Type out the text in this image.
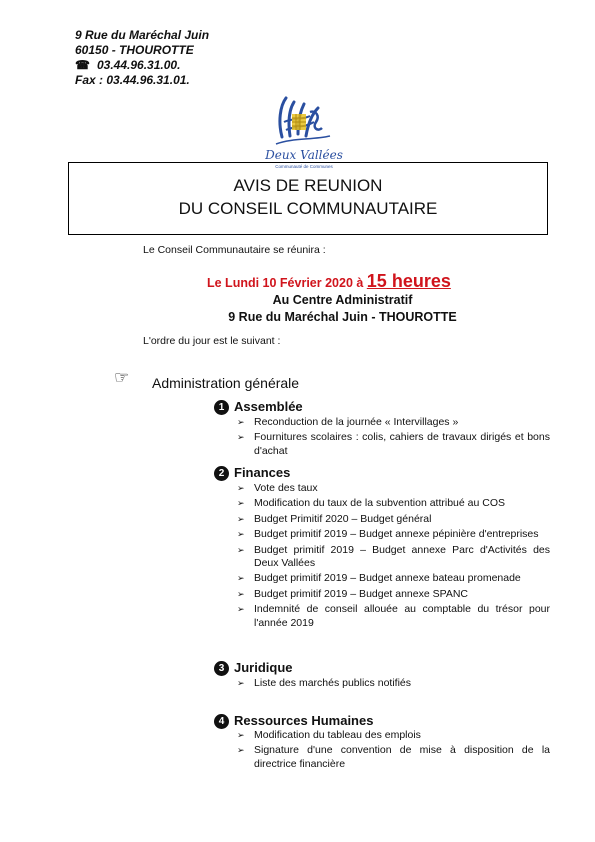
9 Rue du Maréchal Juin
60150 - THOUROTTE
☎ 03.44.96.31.00.
Fax : 03.44.96.31.01.
Deux Vallées
Communauté de Communes
AVIS DE REUNION
DU CONSEIL COMMUNAUTAIRE
Le Conseil Communautaire se réunira :
Le Lundi 10 Février 2020 à 15 heures
Au Centre Administratif
9 Rue du Maréchal Juin - THOUROTTE
L'ordre du jour est le suivant :
☞ Administration générale
1 Assemblée
➢ Reconduction de la journée « Intervillages »
➢ Fournitures scolaires : colis, cahiers de travaux dirigés et bons d'achat
2 Finances
➢ Vote des taux
➢ Modification du taux de la subvention attribué au COS
➢ Budget Primitif 2020 – Budget général
➢ Budget primitif 2019 – Budget annexe pépinière d'entreprises
➢ Budget primitif 2019 – Budget annexe Parc d'Activités des Deux Vallées
➢ Budget primitif 2019 – Budget annexe bateau promenade
➢ Budget primitif 2019 – Budget annexe SPANC
➢ Indemnité de conseil allouée au comptable du trésor pour l'année 2019
3 Juridique
➢ Liste des marchés publics notifiés
4 Ressources Humaines
➢ Modification du tableau des emplois
➢ Signature d'une convention de mise à disposition de la directrice financière
